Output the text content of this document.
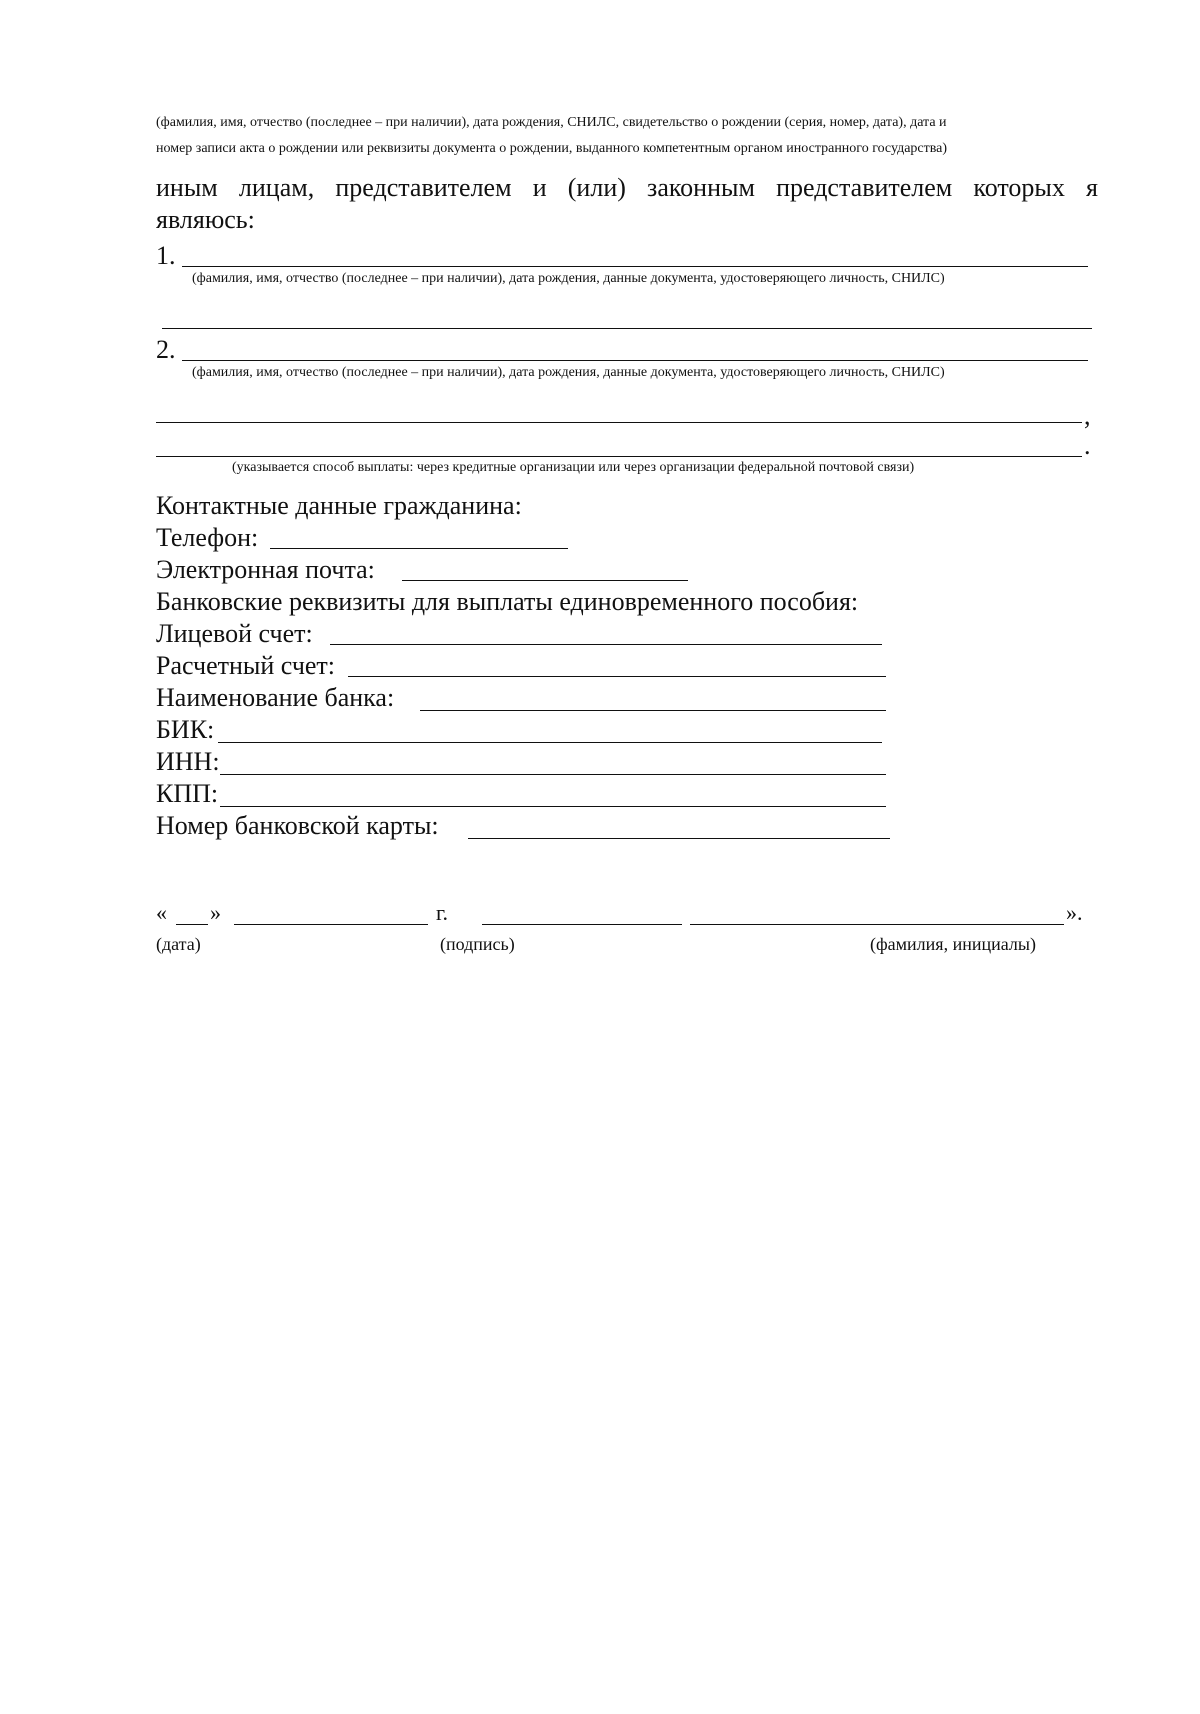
(фамилия, имя, отчество (последнее – при наличии), дата рождения, СНИЛС, свидетельство о рождении (серия, номер, дата), дата и
номер записи акта о рождении или реквизиты документа о рождении, выданного компетентным органом иностранного государства)
иным лицам, представителем и (или) законным представителем которых я
являюсь:
1.
(фамилия, имя, отчество (последнее – при наличии), дата рождения, данные документа, удостоверяющего личность, СНИЛС)
2.
(фамилия, имя, отчество (последнее – при наличии), дата рождения, данные документа, удостоверяющего личность, СНИЛС)
,
.
(указывается способ выплаты: через кредитные организации или через организации федеральной почтовой связи)
Контактные данные гражданина:
Телефон:
Электронная почта:
Банковские реквизиты для выплаты единовременного пособия:
Лицевой счет:
Расчетный счет:
Наименование банка:
БИК:
ИНН:
КПП:
Номер банковской карты:
« »	г.	».
(дата)	(подпись)	(фамилия, инициалы)
